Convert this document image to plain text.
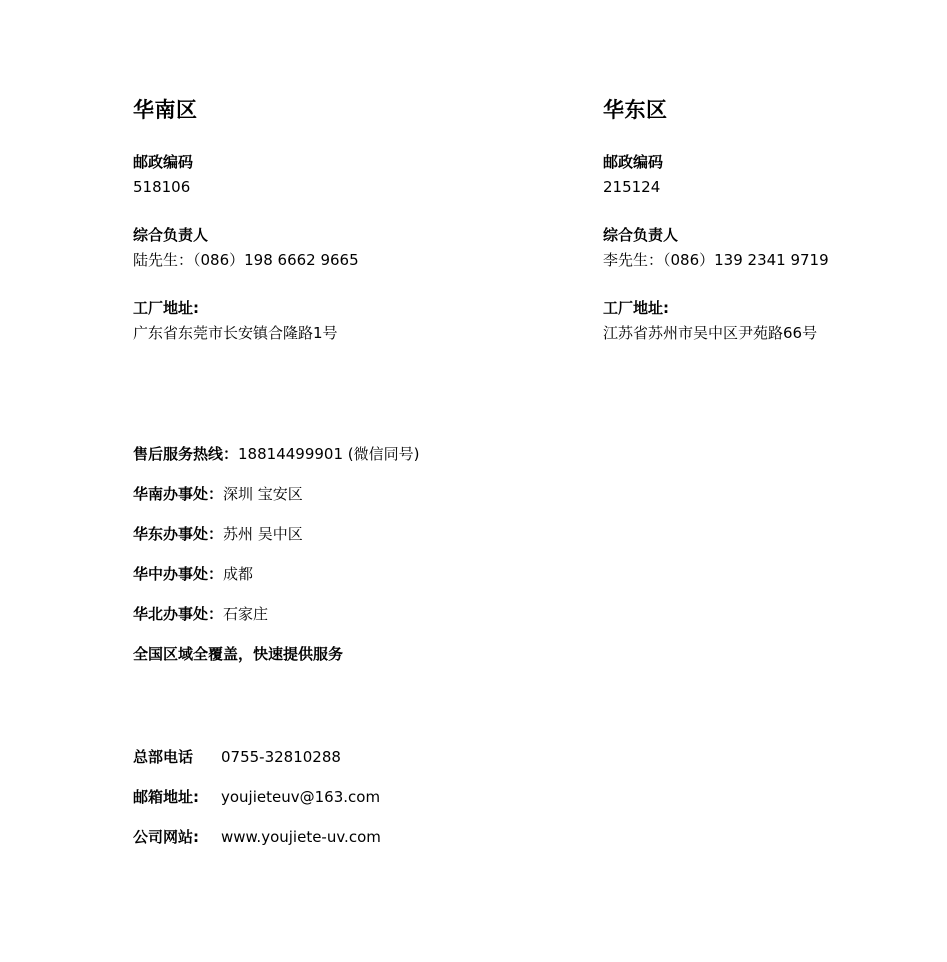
华南区
邮政编码
518106
综合负责人
陆先生：（086）198 6662 9665
工厂地址:
广东省东莞市长安镇合隆路1号
华东区
邮政编码
215124
综合负责人
李先生：（086）139 2341 9719
工厂地址:
江苏省苏州市吴中区尹苑路66号
售后服务热线：18814499901 (微信同号)
华南办事处：深圳 宝安区
华东办事处：苏州 吴中区
华中办事处：成都
华北办事处：石家庄
全国区域全覆盖，快速提供服务
总部电话 0755-32810288
邮箱地址: youjieteuv@163.com
公司网站: www.youjiete-uv.com
